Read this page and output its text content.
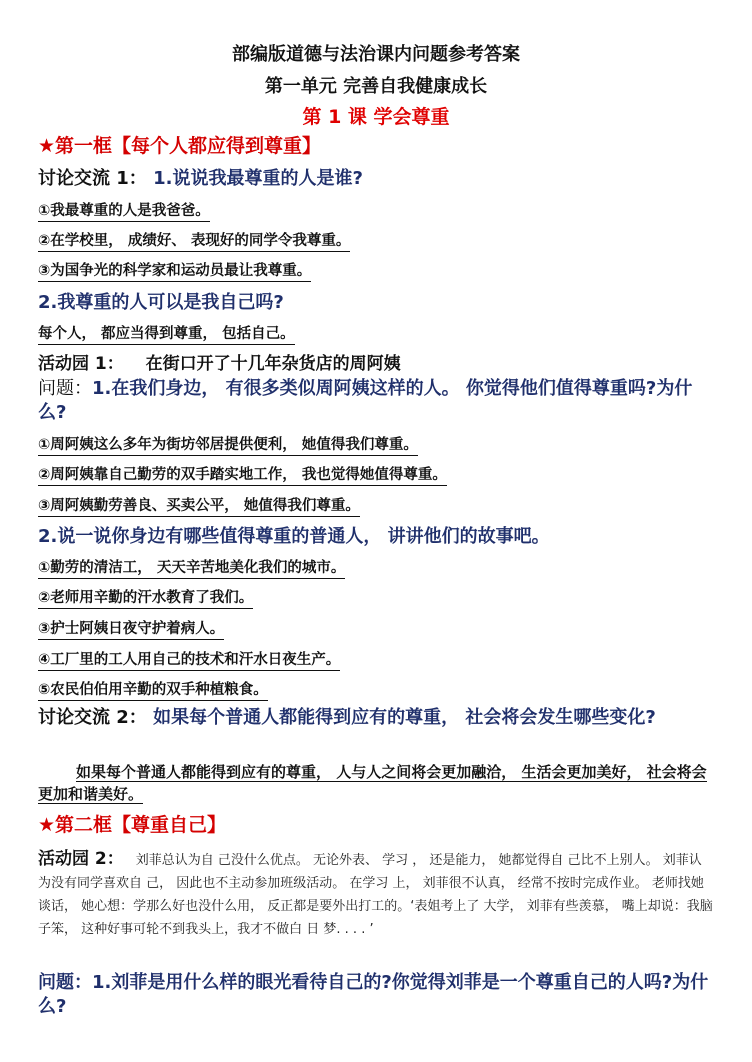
部编版道德与法治课内问题参考答案
第一单元 完善自我健康成长
第 1 课 学会尊重
★第一框【每个人都应得到尊重】
讨论交流 1： 1.说说我最尊重的人是谁?
①我最尊重的人是我爸爸。
②在学校里， 成绩好、 表现好的同学令我尊重。
③为国争光的科学家和运动员最让我尊重。
2.我尊重的人可以是我自己吗?
每个人， 都应当得到尊重， 包括自己。
活动园 1： 在街口开了十几年杂货店的周阿姨
问题：1.在我们身边， 有很多类似周阿姨这样的人。 你觉得他们值得尊重吗?为什么?
①周阿姨这么多年为街坊邻居提供便利， 她值得我们尊重。
②周阿姨靠自己勤劳的双手踏实地工作， 我也觉得她值得尊重。
③周阿姨勤劳善良、买卖公平， 她值得我们尊重。
2.说一说你身边有哪些值得尊重的普通人， 讲讲他们的故事吧。
①勤劳的清洁工， 天天辛苦地美化我们的城市。
②老师用辛勤的汗水教育了我们。
③护士阿姨日夜守护着病人。
④工厂里的工人用自己的技术和汗水日夜生产。
⑤农民伯伯用辛勤的双手种植粮食。
讨论交流 2： 如果每个普通人都能得到应有的尊重， 社会将会发生哪些变化?
如果每个普通人都能得到应有的尊重， 人与人之间将会更加融洽， 生活会更加美好， 社会将会更加和谐美好。
★第二框【尊重自己】
活动园 2： 刘菲总认为自 己没什么优点。 无论外表、 学习 ， 还是能力， 她都觉得自 己比不上别人。 刘菲认为没有同学喜欢自 己， 因此也不主动参加班级活动。 在学习 上， 刘菲很不认真， 经常不按时完成作业。 老师找她谈话， 她心想：学那么好也没什么用， 反正都是要外出打工的。‘表姐考上了 大学， 刘菲有些羡慕， 嘴上却说：我脑子笨， 这种好事可轮不到我头上，我才不做白 日 梦. . . . ’
问题：1.刘菲是用什么样的眼光看待自己的?你觉得刘菲是一个尊重自己的人吗?为什么?
